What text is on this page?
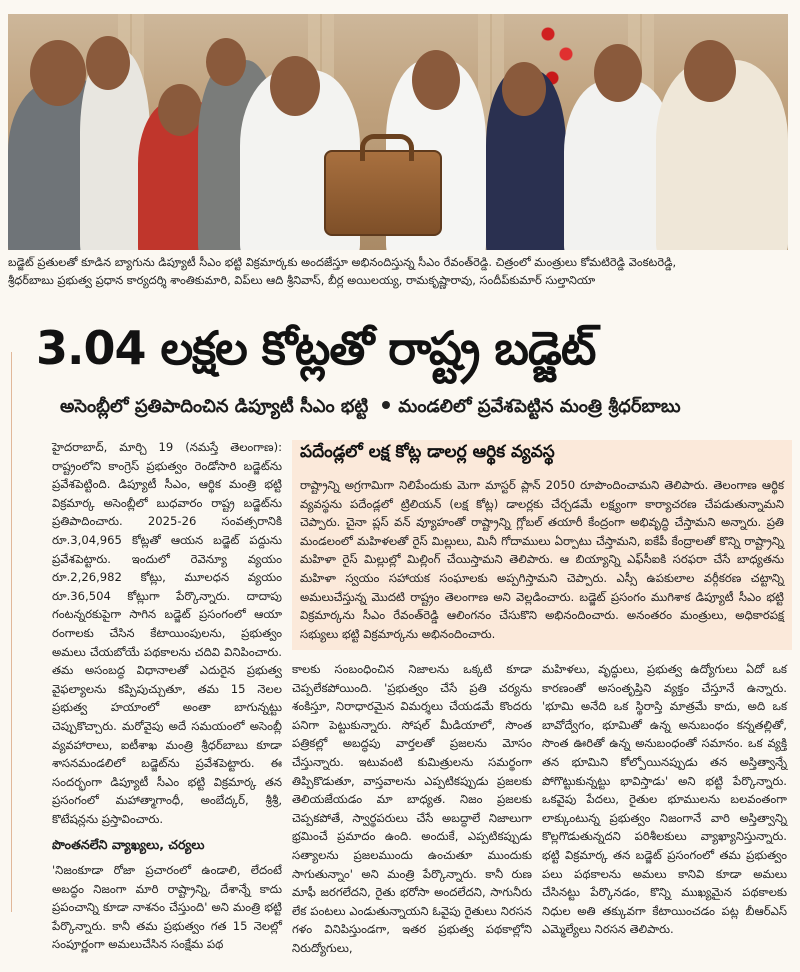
బడ్జెట్ ప్రతులతో కూడిన బ్యాగును డిప్యూటీ సీఎం భట్టి విక్రమార్కకు అందజేస్తూ అభినందిస్తున్న సీఎం రేవంత్‌రెడ్డి. చిత్రంలో మంత్రులు కోమటిరెడ్డి వెంకటరెడ్డి,
శ్రీధర్‌బాబు ప్రభుత్వ ప్రధాన కార్యదర్శి శాంతికుమారి, విప్‌లు ఆది శ్రీనివాస్, బీర్ల అయిలయ్య, రామకృష్ణారావు, సందీప్‌కుమార్ సుల్తానియా
3.04 లక్షల కోట్లతో రాష్ట్ర బడ్జెట్
అసెంబ్లీలో ప్రతిపాదించిన డిప్యూటీ సీఎం భట్టి మండలిలో ప్రవేశపెట్టిన మంత్రి శ్రీధర్‌బాబు

హైదరాబాద్, మార్చి 19 (నమస్తే తెలంగాణ): రాష్ట్రంలోని కాంగ్రెస్ ప్రభుత్వం రెండోసారి బడ్జెట్‌ను ప్రవేశపెట్టింది. డిప్యూటీ సీఎం, ఆర్థిక మంత్రి భట్టి విక్రమార్క అసెంబ్లీలో బుధవారం రాష్ట్ర బడ్జెట్‌ను ప్రతిపాదించారు. 2025-26 సంవత్సరానికి రూ.3,04,965 కోట్లతో ఆయన బడ్జెట్ పద్దును ప్రవేశపెట్టారు. ఇందులో రెవెన్యూ వ్యయం రూ.2,26,982 కోట్లు, మూలధన వ్యయం రూ.36,504 కోట్లుగా పేర్కొన్నారు. దాదాపు గంటన్నరకుపైగా సాగిన బడ్జెట్ ప్రసంగంలో ఆయా రంగాలకు చేసిన కేటాయింపులను, ప్రభుత్వం అమలు చేయబోయే పథకాలను చదివి వినిపించారు. తమ అసంబద్ధ విధానాలతో ఎదురైన ప్రభుత్వ వైఫల్యాలను కప్పిపుచ్చుతూ, తమ 15 నెలల ప్రభుత్వ హయాంలో అంతా బాగున్నట్టు చెప్పుకొచ్చారు. మరోవైపు అదే సమయంలో అసెంబ్లీ వ్యవహారాలు, ఐటీశాఖ మంత్రి శ్రీధర్‌బాబు కూడా శాసనమండలిలో బడ్జెట్‌ను ప్రవేశపెట్టారు. ఈ సందర్భంగా డిప్యూటీ సీఎం భట్టి విక్రమార్క తన ప్రసంగంలో మహాత్మాగాంధీ, అంబేద్కర్, శ్రీశ్రీ, కొటేషన్లను ప్రస్తావించారు.

పొంతనలేని వ్యాఖ్యలు, చర్యలు

'నిజంకూడా రోజా ప్రచారంలో ఉండాలి, లేదంటే అబద్ధం నిజంగా మారి రాష్ట్రాన్ని, దేశాన్నే కాదు ప్రపంచాన్ని కూడా నాశనం చేస్తుంది' అని మంత్రి భట్టి పేర్కొన్నారు. కానీ తమ ప్రభుత్వం గత 15 నెలల్లో సంపూర్ణంగా అమలుచేసిన సంక్షేమ పథ

పదేండ్లలో లక్ష కోట్ల డాలర్ల ఆర్థిక వ్యవస్థ
రాష్ట్రాన్ని అగ్రగామిగా నిలిపేందుకు మెగా మాస్టర్ ప్లాన్ 2050 రూపొందించామని తెలిపారు. తెలంగాణ ఆర్థిక వ్యవస్థను పదేండ్లలో ట్రిలియన్ (లక్ష కోట్ల) డాలర్లకు చేర్చడమే లక్ష్యంగా కార్యాచరణ చేపడుతున్నామని చెప్పారు. చైనా ప్లస్ వన్ వ్యూహంతో రాష్ట్రాన్ని గ్లోబల్ తయారీ కేంద్రంగా అభివృద్ధి చేస్తామని అన్నారు. ప్రతి మండలంలో మహిళలతో రైస్ మిల్లులు, మినీ గోదాములు ఏర్పాటు చేస్తామని, ఐకేపీ కేంద్రాలతో కొన్ని రాష్ట్రాన్ని మహిళా రైస్ మిల్లుల్లో మిల్లింగ్ చేయిస్తామని తెలిపారు. ఆ బియ్యాన్ని ఎఫ్‌సీఐకి సరఫరా చేసే బాధ్యతను మహిళా స్వయం సహాయక సంఘాలకు అప్పగిస్తామని చెప్పారు. ఎస్సీ ఉపకులాల వర్గీకరణ చట్టాన్ని అమలుచేస్తున్న మొదటి రాష్ట్రం తెలంగాణ అని వెల్లడించారు. బడ్జెట్ ప్రసంగం ముగిశాక డిప్యూటీ సీఎం భట్టి విక్రమార్కను సీఎం రేవంత్‌రెడ్డి ఆలింగనం చేసుకొని అభినందించారు. అనంతరం మంత్రులు, అధికారపక్ష సభ్యులు భట్టి విక్రమార్కను అభినందించారు.
కాలకు సంబంధించిన నిజాలను ఒక్కటి కూడా చెప్పలేకపోయింది. 'ప్రభుత్వం చేసే ప్రతి చర్యను శంకిస్తూ, నిరాధారమైన విమర్శలు చేయడమే కొందరు పనిగా పెట్టుకున్నారు. సోషల్ మీడియాలో, సొంత పత్రికల్లో అబద్ధపు వార్తలతో ప్రజలను మోసం చేస్తున్నారు. ఇటువంటి కుమిత్రులను సమర్థంగా తిప్పికొడుతూ, వాస్తవాలను ఎప్పటికప్పుడు ప్రజలకు తెలియజేయడం మా బాధ్యత. నిజం ప్రజలకు చెప్పకపోతే, స్వార్థపరులు చేసే అబద్ధాలే నిజాలుగా భ్రమించే ప్రమాదం ఉంది. అందుకే, ఎప్పటికప్పుడు సత్యాలను ప్రజలముందు ఉంచుతూ ముందుకు సాగుతున్నాం' అని మంత్రి పేర్కొన్నారు. కానీ రుణ మాఫీ జరగలేదని, రైతు భరోసా అందలేదని, సాగునీరు లేక పంటలు ఎండుతున్నాయని ఓవైపు రైతులు నిరసన గళం వినిపిస్తుండగా, ఇతర ప్రభుత్వ పథకాల్లోని నిరుద్యోగులు,
మహిళలు, వృద్ధులు, ప్రభుత్వ ఉద్యోగులు ఏదో ఒక కారణంతో అసంతృప్తిని వ్యక్తం చేస్తూనే ఉన్నారు. 'భూమి అనేది ఒక స్థిరాస్తి మాత్రమే కాదు, అది ఒక బావోద్వేగం, భూమితో ఉన్న అనుబంధం కన్నతల్లితో, సొంత ఊరితో ఉన్న అనుబంధంతో సమానం. ఒక వ్యక్తి తన భూమిని కోల్పోయినప్పుడు తన అస్తిత్వాన్నే పోగొట్టుకున్నట్టు భావిస్తాడు' అని భట్టి పేర్కొన్నారు. ఒకవైపు పేదలు, రైతుల భూములను బలవంతంగా లాక్కుంటున్న ప్రభుత్వం నిజంగానే వారి అస్తిత్వాన్ని కొల్లగొడుతున్నదని పరిశీలకులు వ్యాఖ్యానిస్తున్నారు. భట్టి విక్రమార్క తన బడ్జెట్ ప్రసంగంలో తమ ప్రభుత్వం పలు పథకాలను అమలు కానివి కూడా అమలు చేసినట్టు పేర్కొనడం, కొన్ని ముఖ్యమైన పథకాలకు నిధుల అతి తక్కువగా కేటాయించడం పట్ల బీఆర్‌ఎస్ ఎమ్మెల్యేలు నిరసన తెలిపారు.
